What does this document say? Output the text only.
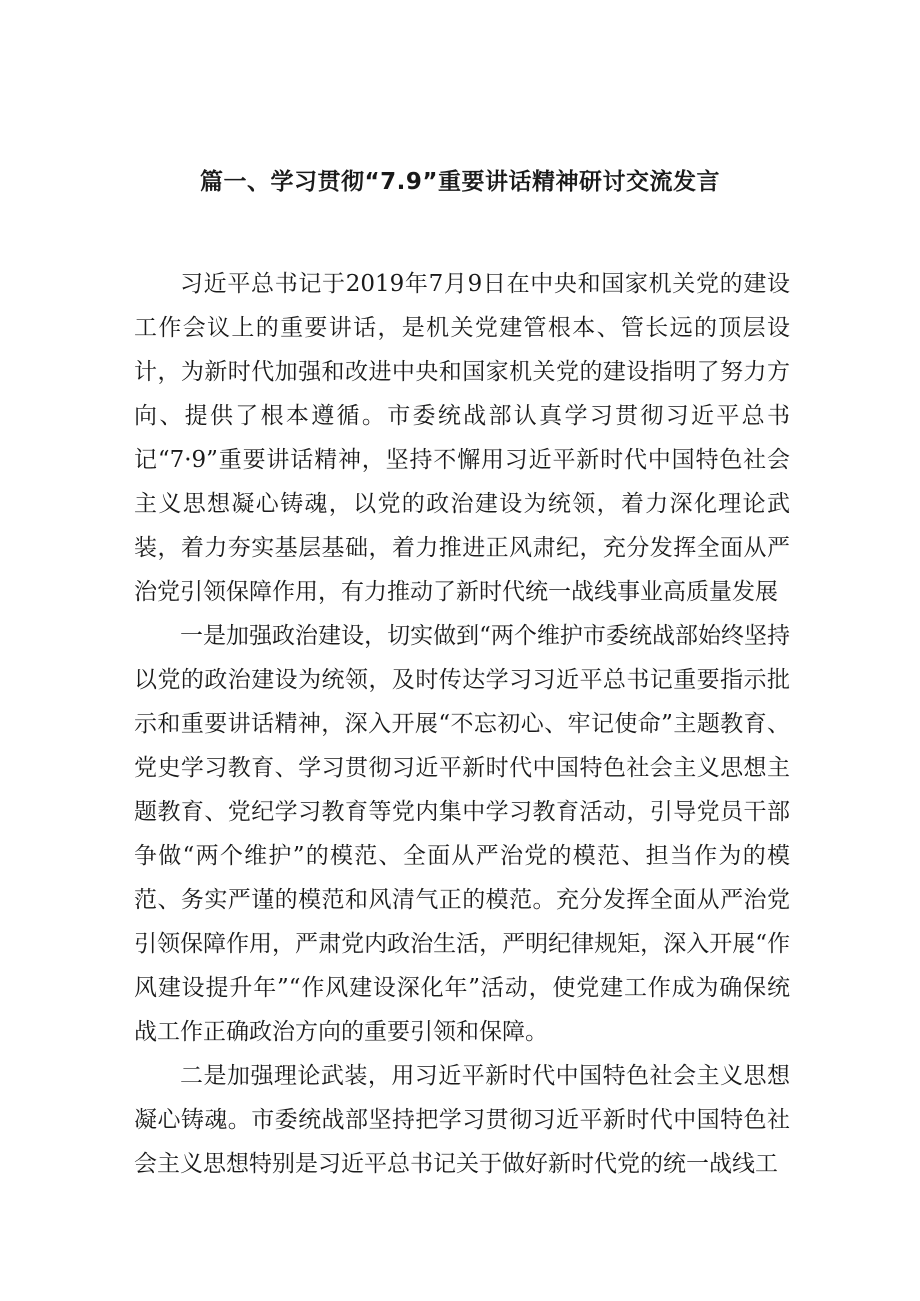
篇一、学习贯彻“7.9”重要讲话精神研讨交流发言

习近平总书记于2019年7月9日在中央和国家机关党的建设工作会议上的重要讲话，是机关党建管根本、管长远的顶层设计，为新时代加强和改进中央和国家机关党的建设指明了努力方向、提供了根本遵循。市委统战部认真学习贯彻习近平总书记“7·9”重要讲话精神，坚持不懈用习近平新时代中国特色社会主义思想凝心铸魂，以党的政治建设为统领，着力深化理论武装，着力夯实基层基础，着力推进正风肃纪，充分发挥全面从严治党引领保障作用，有力推动了新时代统一战线事业高质量发展

一是加强政治建设，切实做到“两个维护市委统战部始终坚持以党的政治建设为统领，及时传达学习习近平总书记重要指示批示和重要讲话精神，深入开展“不忘初心、牢记使命”主题教育、党史学习教育、学习贯彻习近平新时代中国特色社会主义思想主题教育、党纪学习教育等党内集中学习教育活动，引导党员干部争做“两个维护”的模范、全面从严治党的模范、担当作为的模范、务实严谨的模范和风清气正的模范。充分发挥全面从严治党引领保障作用，严肃党内政治生活，严明纪律规矩，深入开展“作风建设提升年”“作风建设深化年”活动，使党建工作成为确保统战工作正确政治方向的重要引领和保障。

二是加强理论武装，用习近平新时代中国特色社会主义思想凝心铸魂。市委统战部坚持把学习贯彻习近平新时代中国特色社会主义思想特别是习近平总书记关于做好新时代党的统一战线工
